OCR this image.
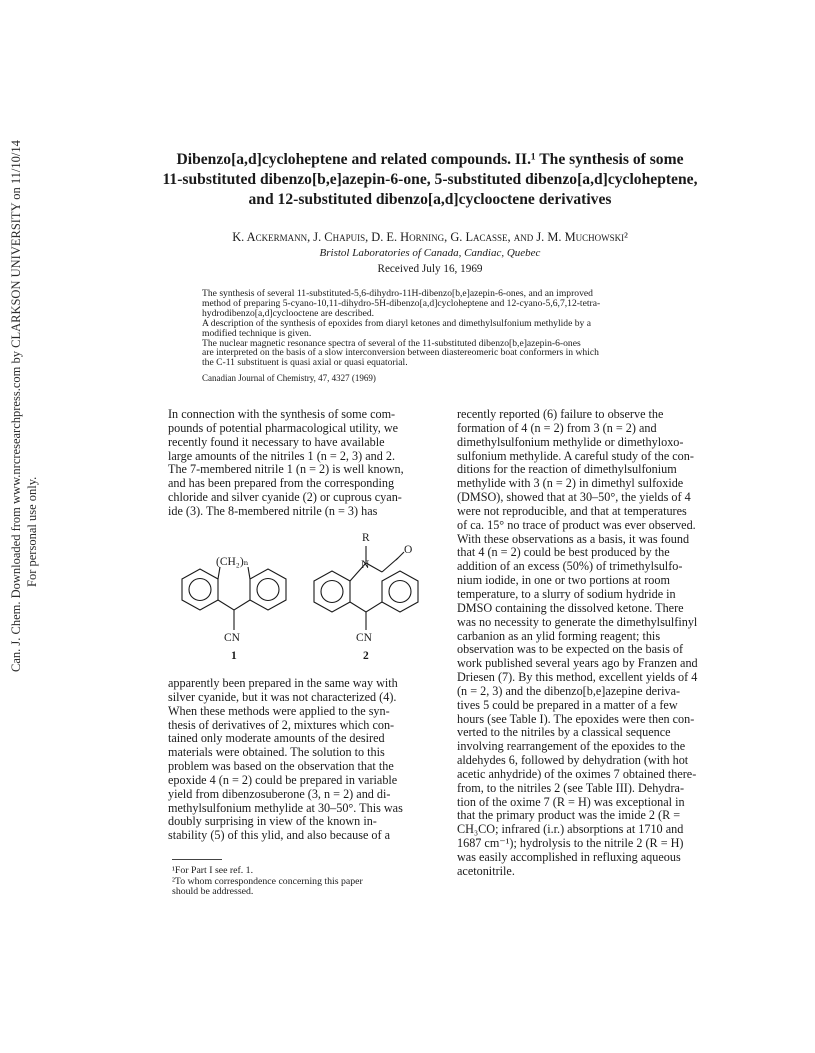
Can. J. Chem. Downloaded from www.nrcresearchpress.com by CLARKSON UNIVERSITY on 11/10/14 For personal use only.
Dibenzo[a,d]cycloheptene and related compounds. II.¹ The synthesis of some
11-substituted dibenzo[b,e]azepin-6-one, 5-substituted dibenzo[a,d]cycloheptene,
and 12-substituted dibenzo[a,d]cyclooctene derivatives
K. Ackermann, J. Chapuis, D. E. Horning, G. Lacasse, and J. M. Muchowski²
Bristol Laboratories of Canada, Candiac, Quebec
Received July 16, 1969
The synthesis of several 11-substituted-5,6-dihydro-11H-dibenzo[b,e]azepin-6-ones, and an improved
method of preparing 5-cyano-10,11-dihydro-5H-dibenzo[a,d]cycloheptene and 12-cyano-5,6,7,12-tetra-
hydrodibenzo[a,d]cyclooctene are described.
A description of the synthesis of epoxides from diaryl ketones and dimethylsulfonium methylide by a
modified technique is given.
The nuclear magnetic resonance spectra of several of the 11-substituted dibenzo[b,e]azepin-6-ones
are interpreted on the basis of a slow interconversion between diastereomeric boat conformers in which
the C-11 substituent is quasi axial or quasi equatorial.
Canadian Journal of Chemistry, 47, 4327 (1969)
In connection with the synthesis of some com-
pounds of potential pharmacological utility, we
recently found it necessary to have available
large amounts of the nitriles 1 (n = 2, 3) and 2.
The 7-membered nitrile 1 (n = 2) is well known,
and has been prepared from the corresponding
chloride and silver cyanide (2) or cuprous cyan-
ide (3). The 8-membered nitrile (n = 3) has
(CH₂)ₙ
CN
1
R
N
O
CN
2
apparently been prepared in the same way with
silver cyanide, but it was not characterized (4).
When these methods were applied to the syn-
thesis of derivatives of 2, mixtures which con-
tained only moderate amounts of the desired
materials were obtained. The solution to this
problem was based on the observation that the
epoxide 4 (n = 2) could be prepared in variable
yield from dibenzosuberone (3, n = 2) and di-
methylsulfonium methylide at 30–50°. This was
doubly surprising in view of the known in-
stability (5) of this ylid, and also because of a
recently reported (6) failure to observe the
formation of 4 (n = 2) from 3 (n = 2) and
dimethylsulfonium methylide or dimethyloxo-
sulfonium methylide. A careful study of the con-
ditions for the reaction of dimethylsulfonium
methylide with 3 (n = 2) in dimethyl sulfoxide
(DMSO), showed that at 30–50°, the yields of 4
were not reproducible, and that at temperatures
of ca. 15° no trace of product was ever observed.
With these observations as a basis, it was found
that 4 (n = 2) could be best produced by the
addition of an excess (50%) of trimethylsulfo-
nium iodide, in one or two portions at room
temperature, to a slurry of sodium hydride in
DMSO containing the dissolved ketone. There
was no necessity to generate the dimethylsulfinyl
carbanion as an ylid forming reagent; this
observation was to be expected on the basis of
work published several years ago by Franzen and
Driesen (7). By this method, excellent yields of 4
(n = 2, 3) and the dibenzo[b,e]azepine deriva-
tives 5 could be prepared in a matter of a few
hours (see Table I). The epoxides were then con-
verted to the nitriles by a classical sequence
involving rearrangement of the epoxides to the
aldehydes 6, followed by dehydration (with hot
acetic anhydride) of the oximes 7 obtained there-
from, to the nitriles 2 (see Table III). Dehydra-
tion of the oxime 7 (R = H) was exceptional in
that the primary product was the imide 2 (R =
CH₃CO; infrared (i.r.) absorptions at 1710 and
1687 cm⁻¹); hydrolysis to the nitrile 2 (R = H)
was easily accomplished in refluxing aqueous
acetonitrile.
¹For Part I see ref. 1.
²To whom correspondence concerning this paper
should be addressed.
